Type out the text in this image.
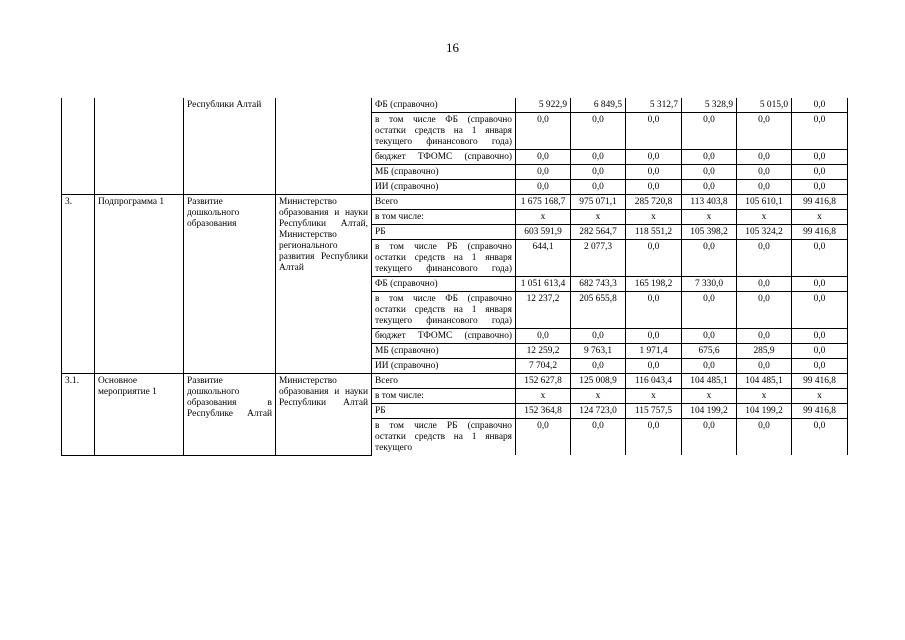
16
		Республики Алтай		ФБ (справочно)	5 922,9	6 849,5	5 312,7	5 328,9	5 015,0	0,0
				в том числе ФБ (справочно остатки средств на 1 января текущего финансового года)	0,0	0,0	0,0	0,0	0,0	0,0
				бюджет ТФОМС (справочно)	0,0	0,0	0,0	0,0	0,0	0,0
				МБ (справочно)	0,0	0,0	0,0	0,0	0,0	0,0
				ИИ (справочно)	0,0	0,0	0,0	0,0	0,0	0,0
3.	Подпрограмма 1	Развитие дошкольного образования	Министерство образования и науки Республики Алтай, Министерство регионального развития Республики Алтай	Всего	1 675 168,7	975 071,1	285 720,8	113 403,8	105 610,1	99 416,8
				в том числе:	х	х	х	х	х	х
				РБ	603 591,9	282 564,7	118 551,2	105 398,2	105 324,2	99 416,8
				в том числе РБ (справочно остатки средств на 1 января текущего финансового года)	644,1	2 077,3	0,0	0,0	0,0	0,0
				ФБ (справочно)	1 051 613,4	682 743,3	165 198,2	7 330,0	0,0	0,0
				в том числе ФБ (справочно остатки средств на 1 января текущего финансового года)	12 237,2	205 655,8	0,0	0,0	0,0	0,0
				бюджет ТФОМС (справочно)	0,0	0,0	0,0	0,0	0,0	0,0
				МБ (справочно)	12 259,2	9 763,1	1 971,4	675,6	285,9	0,0
				ИИ (справочно)	7 704,2	0,0	0,0	0,0	0,0	0,0
3.1.	Основное мероприятие 1	Развитие дошкольного образования в Республике Алтай	Министерство образования и науки Республики Алтай	Всего	152 627,8	125 008,9	116 043,4	104 485,1	104 485,1	99 416,8
				в том числе:	х	х	х	х	х	х
				РБ	152 364,8	124 723,0	115 757,5	104 199,2	104 199,2	99 416,8
				в том числе РБ (справочно остатки средств на 1 января текущего	0,0	0,0	0,0	0,0	0,0	0,0
